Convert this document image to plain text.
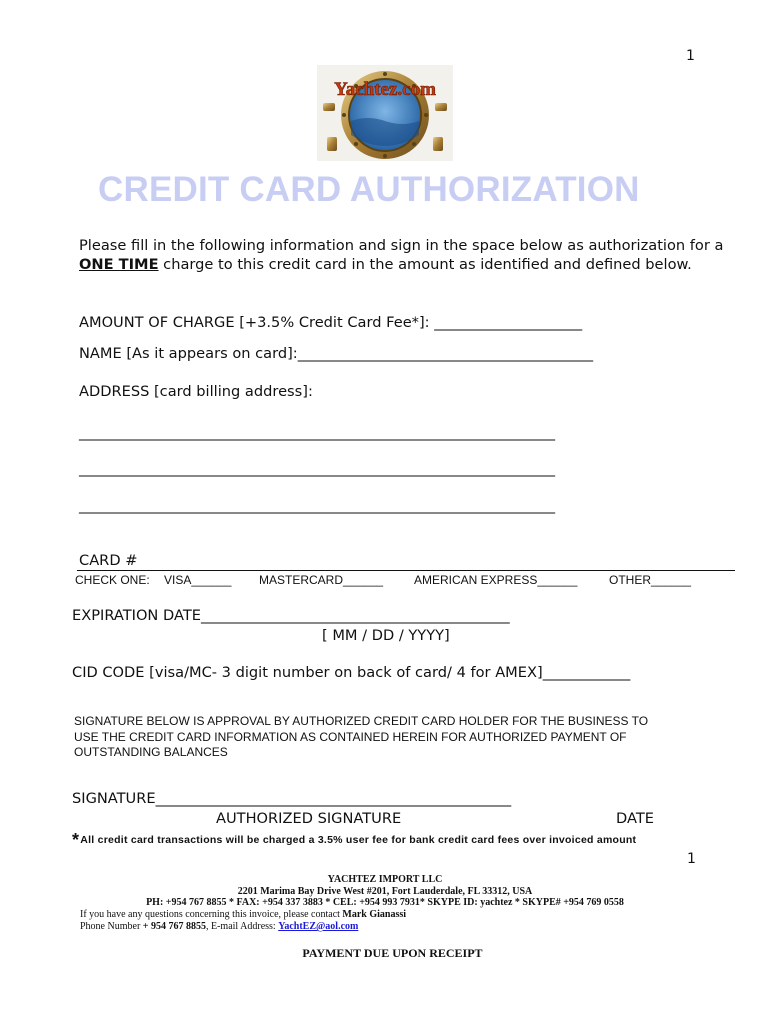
1
Yachtez.com
CREDIT CARD AUTHORIZATION
Please fill in the following information and sign in the space below as authorization for a ONE TIME charge to this credit card in the amount as identified and defined below.
AMOUNT OF CHARGE [+3.5% Credit Card Fee*]: ______________________
NAME [As it appears on card]:____________________________________________
ADDRESS [card billing address]:
_______________________________________________________________________
_______________________________________________________________________
_______________________________________________________________________
CARD #
CHECK ONE: VISA______ MASTERCARD______	AMERICAN EXPRESS______	OTHER______
EXPIRATION DATE______________________________________________
[ MM / DD / YYYY]
CID CODE [visa/MC- 3 digit number on back of card/ 4 for AMEX]_____________
SIGNATURE BELOW IS APPROVAL BY AUTHORIZED CREDIT CARD HOLDER FOR THE BUSINESS TO
USE THE CREDIT CARD INFORMATION AS CONTAINED HEREIN FOR AUTHORIZED PAYMENT OF
OUTSTANDING BALANCES
SIGNATURE_____________________________________________________
AUTHORIZED SIGNATURE	DATE
*All credit card transactions will be charged a 3.5% user fee for bank credit card fees over invoiced amount
1
YACHTEZ IMPORT LLC
2201 Marima Bay Drive West #201, Fort Lauderdale, FL 33312, USA
PH: +954 767 8855 * FAX: +954 337 3883 * CEL: +954 993 7931* SKYPE ID: yachtez * SKYPE# +954 769 0558
If you have any questions concerning this invoice, please contact Mark Gianassi
Phone Number + 954 767 8855, E-mail Address: YachtEZ@aol.com
PAYMENT DUE UPON RECEIPT
